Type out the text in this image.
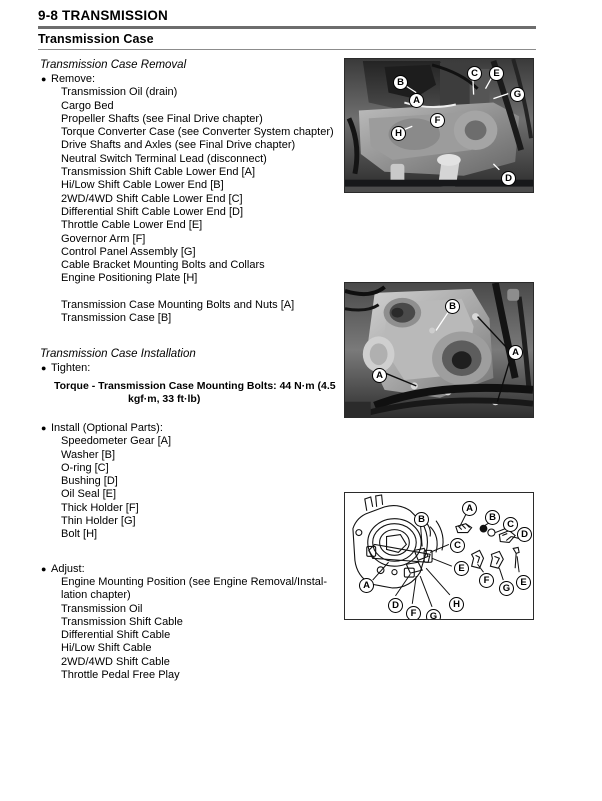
9-8 TRANSMISSION
Transmission Case
Transmission Case Removal
● Remove:
Transmission Oil (drain)
Cargo Bed
Propeller Shafts (see Final Drive chapter)
Torque Converter Case (see Converter System chapter)
Drive Shafts and Axles (see Final Drive chapter)
Neutral Switch Terminal Lead (disconnect)
Transmission Shift Cable Lower End [A]
Hi/Low Shift Cable Lower End [B]
2WD/4WD Shift Cable Lower End [C]
Differential Shift Cable Lower End [D]
Throttle Cable Lower End [E]
Governor Arm [F]
Control Panel Assembly [G]
Cable Bracket Mounting Bolts and Collars
Engine Positioning Plate [H]
Transmission Case Mounting Bolts and Nuts [A]
Transmission Case [B]
Transmission Case Installation
● Tighten:
Torque - Transmission Case Mounting Bolts: 44 N·m (4.5
kgf·m, 33 ft·lb)
● Install (Optional Parts):
Speedometer Gear [A]
Washer [B]
O-ring [C]
Bushing [D]
Oil Seal [E]
Thick Holder [F]
Thin Holder [G]
Bolt [H]
● Adjust:
Engine Mounting Position (see Engine Removal/Instal-
lation chapter)
Transmission Oil
Transmission Shift Cable
Differential Shift Cable
Hi/Low Shift Cable
2WD/4WD Shift Cable
Throttle Pedal Free Play
B
A
C	E
G
F
H
D
B
A
A
B
C
E
A
D
F	G
H
A
B
C
D
F
G
E
